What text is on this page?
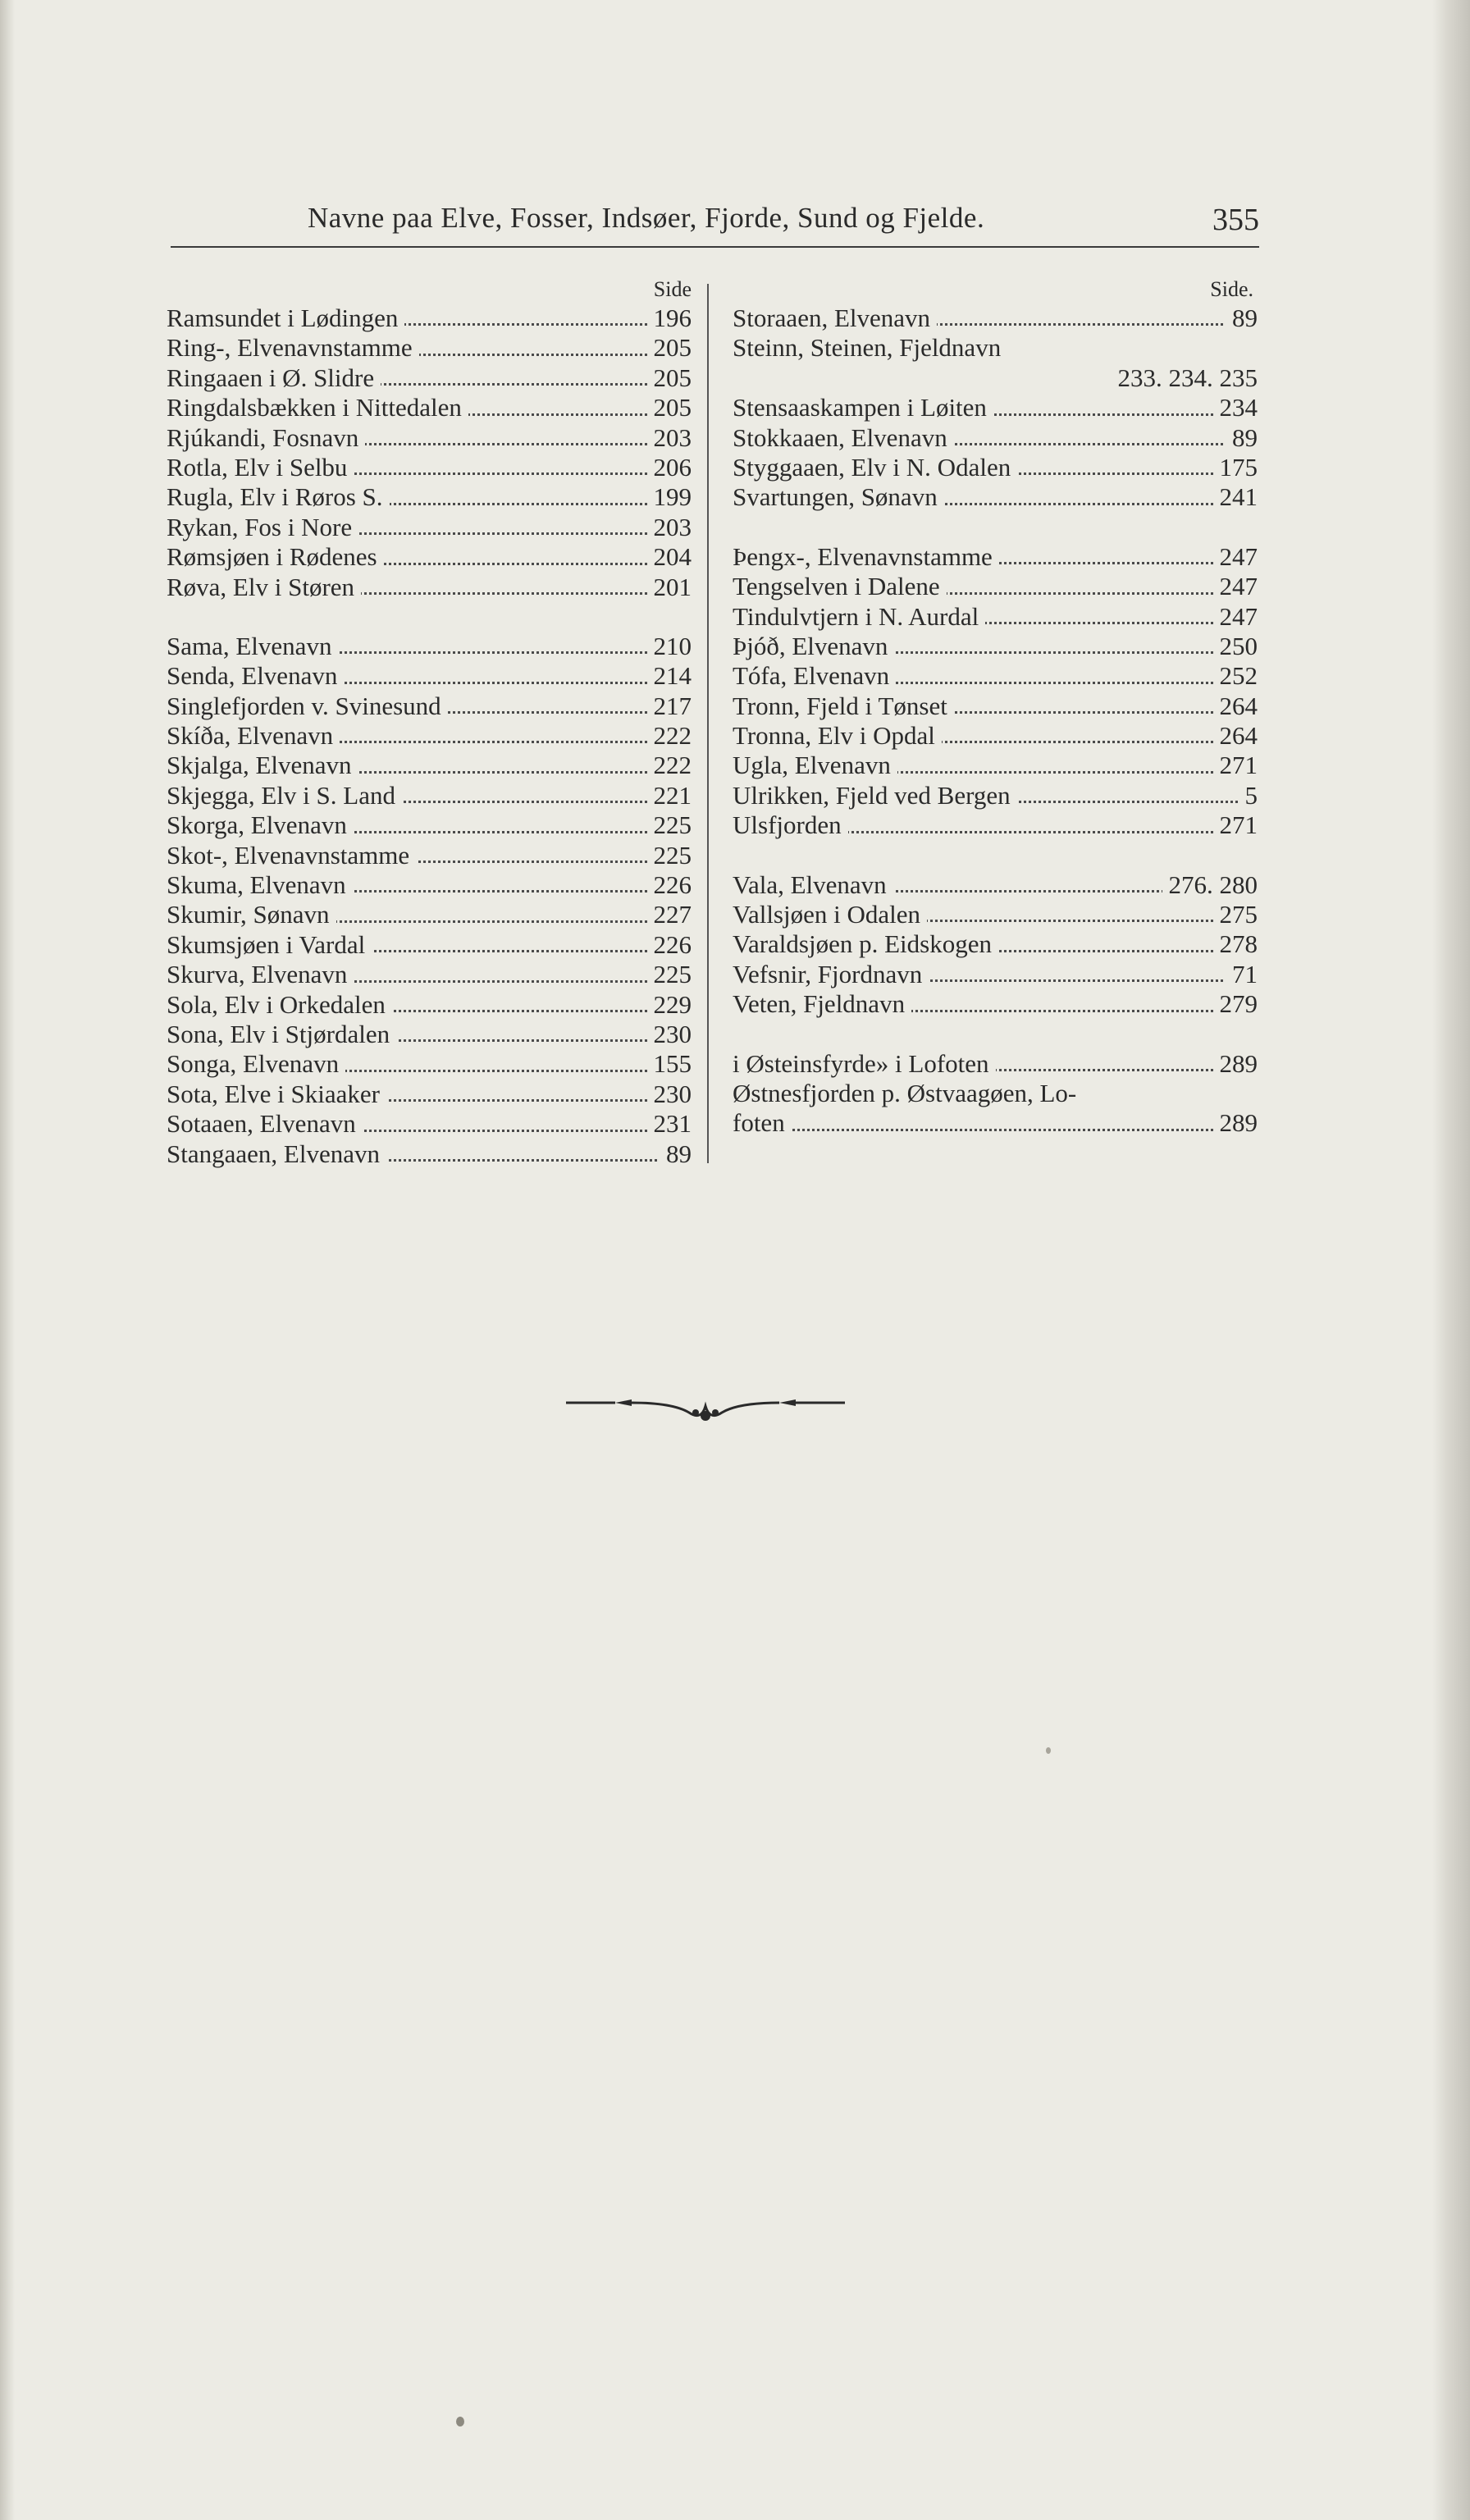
Navne paa Elve, Fosser, Indsøer, Fjorde, Sund og Fjelde.	355
Side
Ramsundet i Lødingen	196
Ring-, Elvenavnstamme	205
Ringaaen i Ø. Slidre	205
Ringdalsbækken i Nittedalen	205
Rjúkandi, Fosnavn	203
Rotla, Elv i Selbu	206
Rugla, Elv i Røros S.	199
Rykan, Fos i Nore	203
Rømsjøen i Rødenes	204
Røva, Elv i Støren	201
Sama, Elvenavn	210
Senda, Elvenavn	214
Singlefjorden v. Svinesund	217
Skíða, Elvenavn	222
Skjalga, Elvenavn	222
Skjegga, Elv i S. Land	221
Skorga, Elvenavn	225
Skot-, Elvenavnstamme	225
Skuma, Elvenavn	226
Skumir, Sønavn	227
Skumsjøen i Vardal	226
Skurva, Elvenavn	225
Sola, Elv i Orkedalen	229
Sona, Elv i Stjørdalen	230
Songa, Elvenavn	155
Sota, Elve i Skiaaker	230
Sotaaen, Elvenavn	231
Stangaaen, Elvenavn	89
Side.
Storaaen, Elvenavn	89
Steinn, Steinen, Fjeldnavn
233. 234. 235
Stensaaskampen i Løiten	234
Stokkaaen, Elvenavn	89
Styggaaen, Elv i N. Odalen	175
Svartungen, Sønavn	241
Þengx-, Elvenavnstamme	247
Tengselven i Dalene	247
Tindulvtjern i N. Aurdal	247
Þjóð, Elvenavn	250
Tófa, Elvenavn	252
Tronn, Fjeld i Tønset	264
Tronna, Elv i Opdal	264
Ugla, Elvenavn	271
Ulrikken, Fjeld ved Bergen	5
Ulsfjorden	271
Vala, Elvenavn	276. 280
Vallsjøen i Odalen	275
Varaldsjøen p. Eidskogen	278
Vefsnir, Fjordnavn	71
Veten, Fjeldnavn	279
i Østeinsfyrde» i Lofoten	289
Østnesfjorden p. Østvaagøen, Lo-
foten	289
